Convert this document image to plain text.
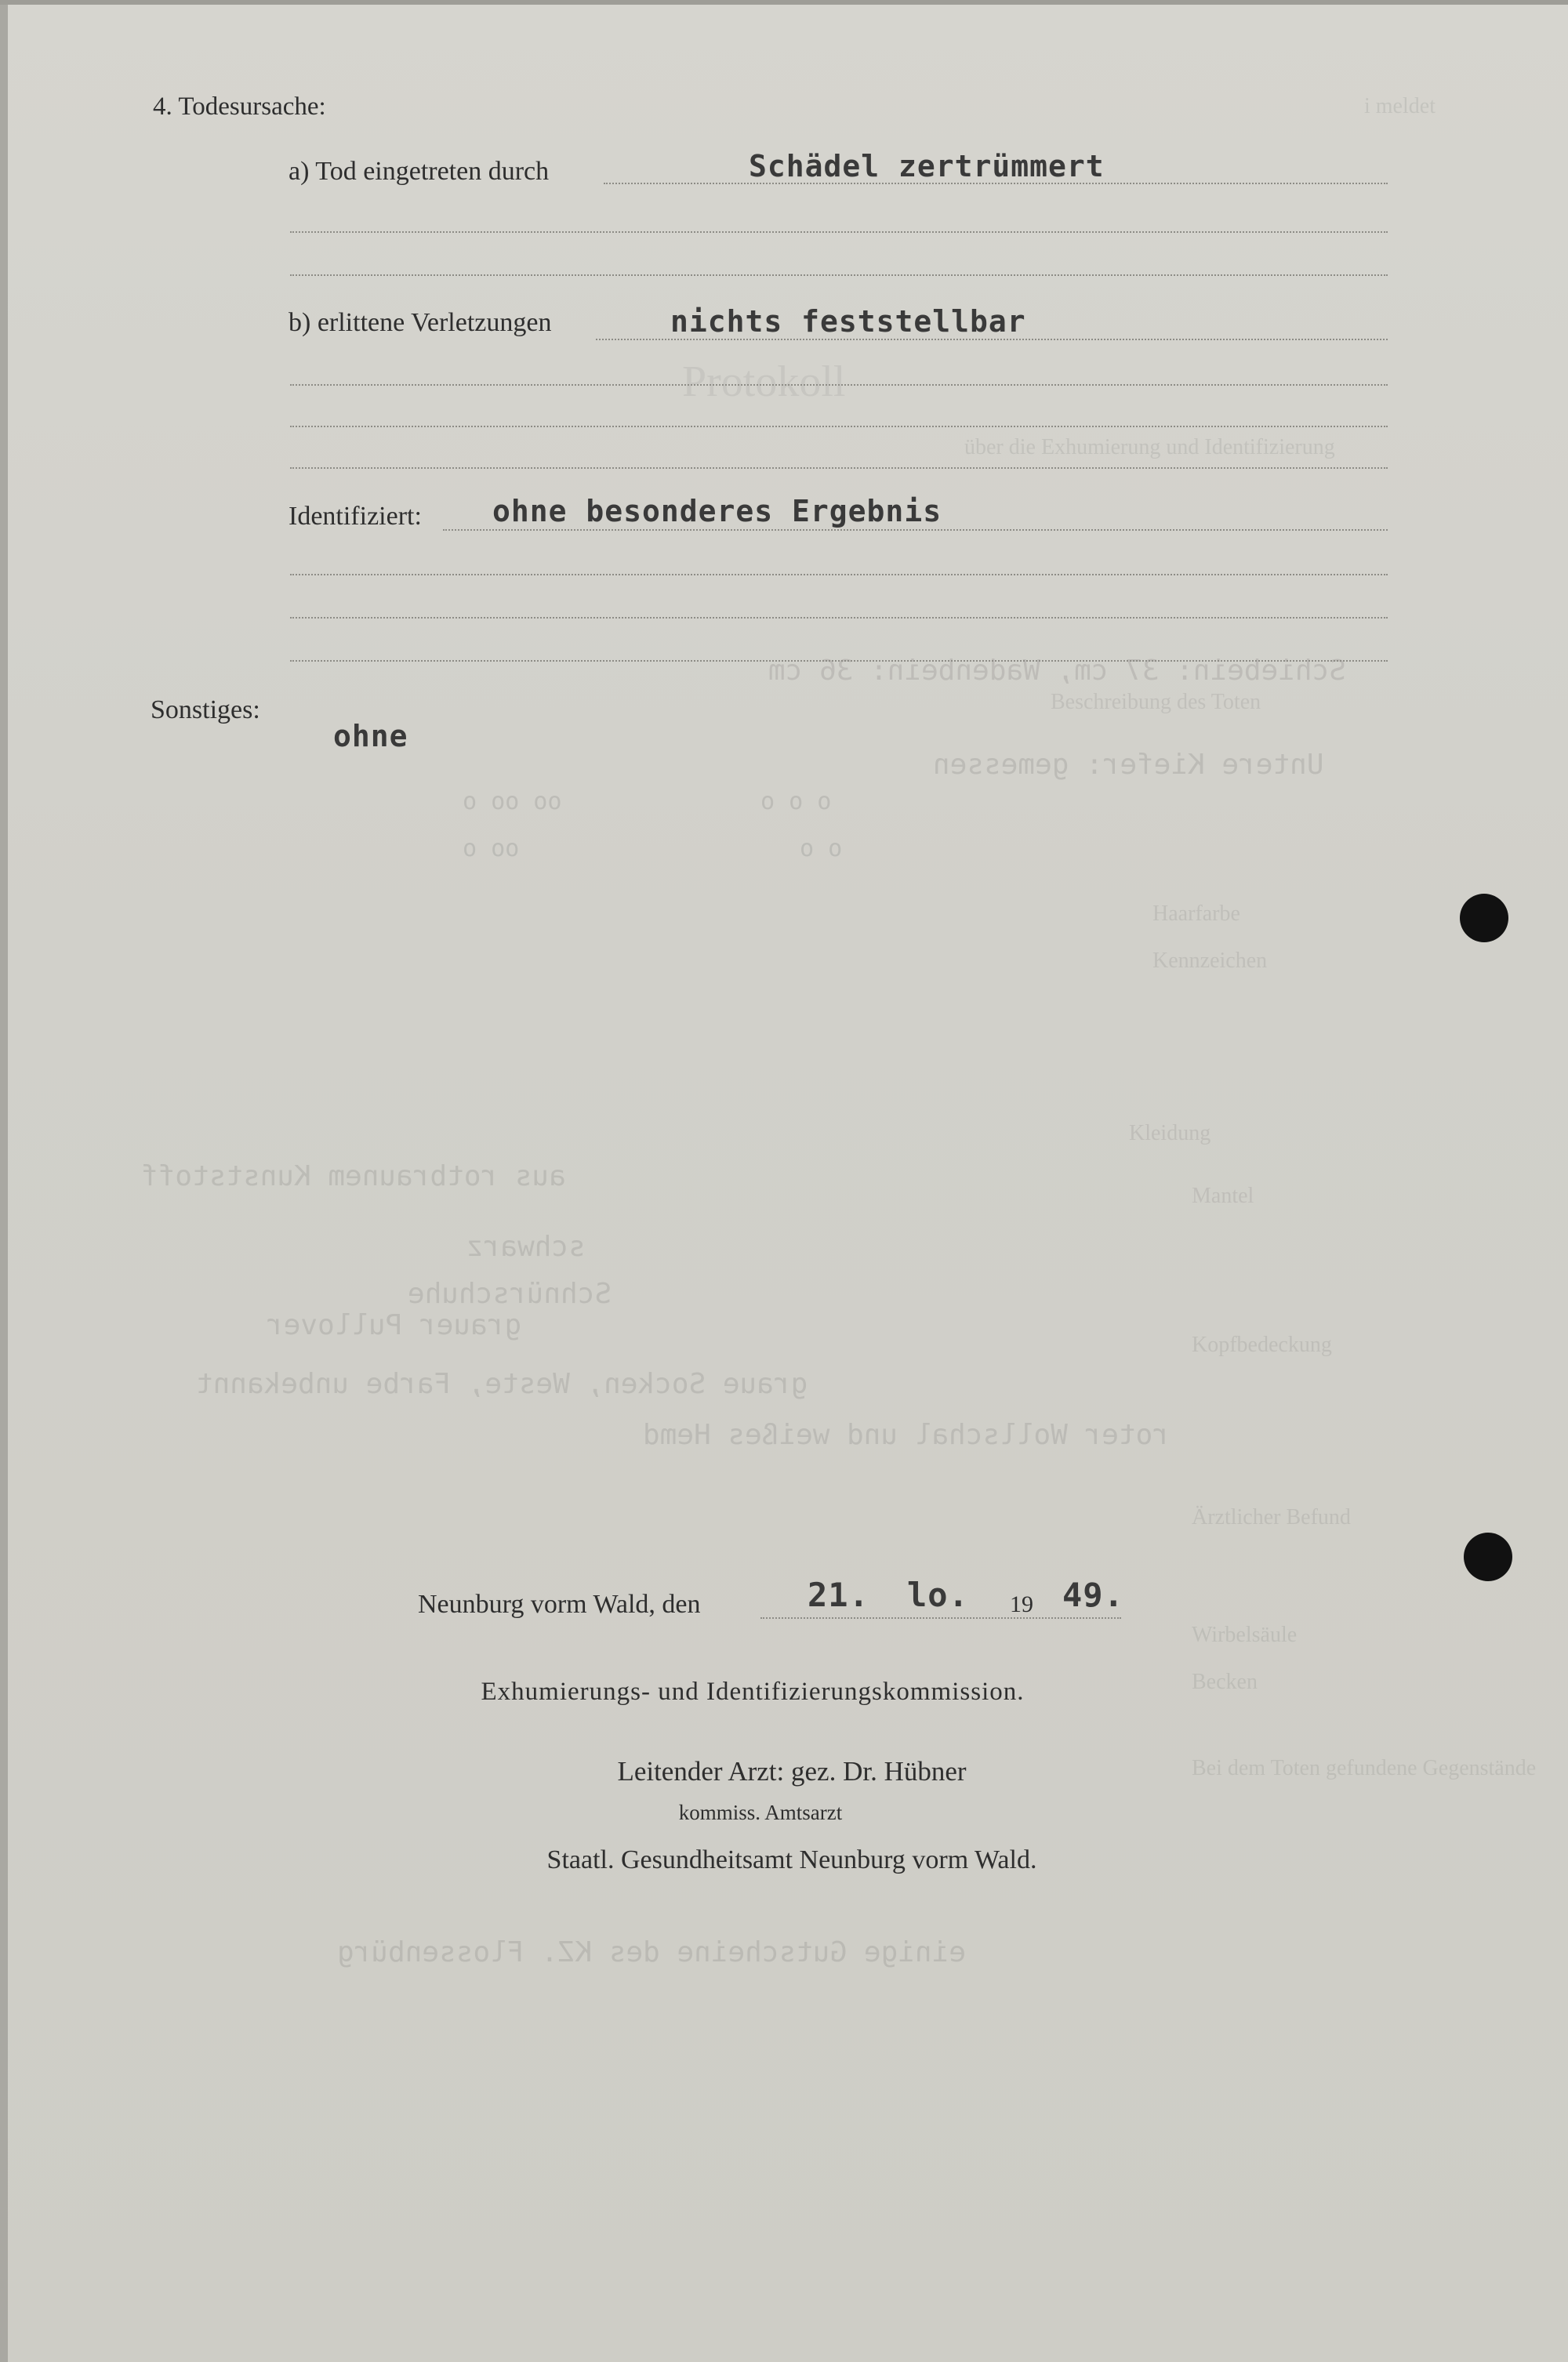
i meldet
Protokoll
über die Exhumierung und Identifizierung
Schiebein: 37 cm, Wadenbein: 36 cm
Beschreibung des Toten
Untere Kiefer: gemessen
oo oo o	o o o
oo o	o o
Haarfarbe
Kennzeichen
Kleidung
aus rotbraunem Kunststoff
Mantel
schwarz
Schnürschuhe
grauer Pullover
Kopfbedeckung
graue Socken, Weste, Farbe unbekannt
roter Wollschal und weißes Hemd
Ärztlicher Befund
Wirbelsäule
Becken
Bei dem Toten gefundene Gegenstände
einige Gutscheine des KZ. Flossenbürg
4. Todesursache:
a) Tod eingetreten durch	Schädel zertrümmert
b) erlittene Verletzungen	nichts feststellbar
Identifiziert: ohne besonderes Ergebnis
Sonstiges:
ohne
Neunburg vorm Wald, den	21. lo. 19 49.
Exhumierungs- und Identifizierungskommission.
Leitender Arzt: gez. Dr. Hübner
kommiss. Amtsarzt
Staatl. Gesundheitsamt Neunburg vorm Wald.
